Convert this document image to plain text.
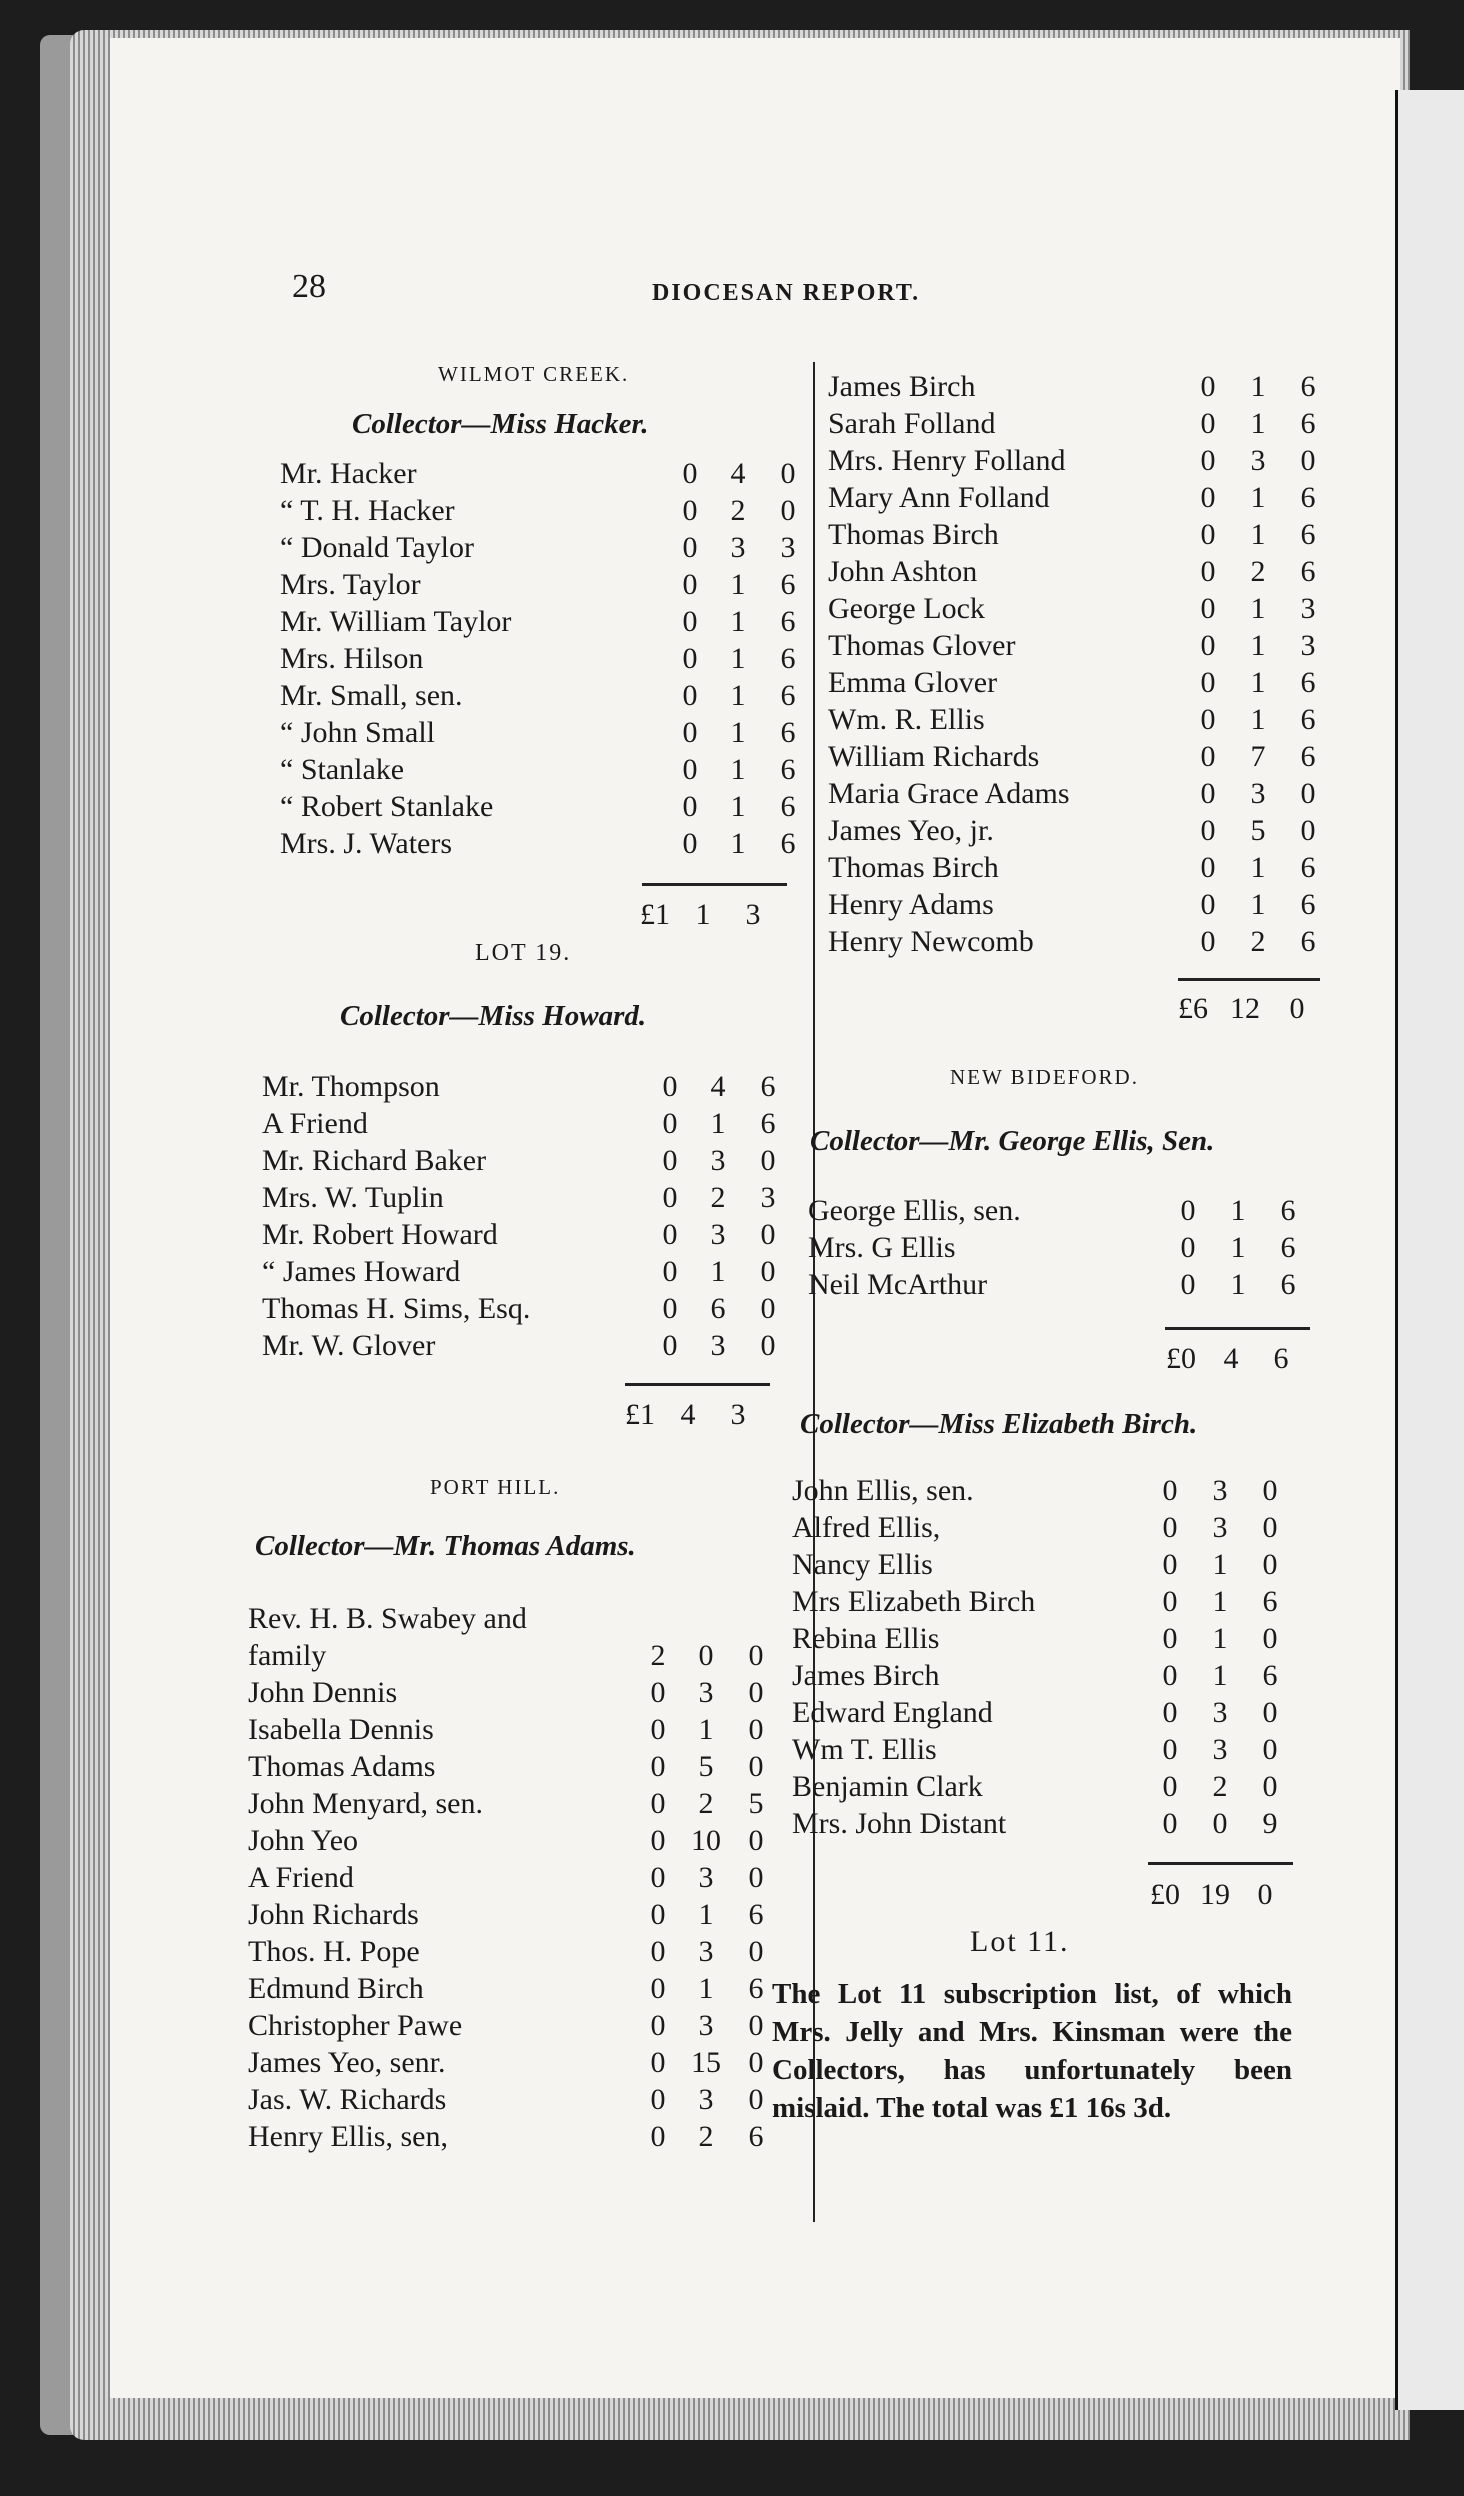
28	DIOCESAN REPORT.
WILMOT CREEK.
Collector—Miss Hacker.
Mr. Hacker	0	4	0
“ T. H. Hacker	0	2	0
“ Donald Taylor	0	3	3
Mrs. Taylor	0	1	6
Mr. William Taylor	0	1	6
Mrs. Hilson	0	1	6
Mr. Small, sen.	0	1	6
“ John Small	0	1	6
“ Stanlake	0	1	6
“ Robert Stanlake	0	1	6
Mrs. J. Waters	0	1	6
£1 1	3
LOT 19.
Collector—Miss Howard.
Mr. Thompson	0	4	6
A Friend	0	1	6
Mr. Richard Baker	0	3	0
Mrs. W. Tuplin	0	2	3
Mr. Robert Howard	0	3	0
“ James Howard	0	1	0
Thomas H. Sims, Esq.	0	6	0
Mr. W. Glover	0	3	0
£1 4	3
PORT HILL.
Collector—Mr. Thomas Adams.
Rev. H. B. Swabey and
family	2	0	0
John Dennis	0	3	0
Isabella Dennis	0	1	0
Thomas Adams	0	5	0
John Menyard, sen.	0	2	5
John Yeo	0 10 0
A Friend	0	3	0
John Richards	0	1	6
Thos. H. Pope	0	3	0
Edmund Birch	0	1	6
Christopher Pawe	0	3	0
James Yeo, senr.	0 15 0
Jas. W. Richards	0	3	0
Henry Ellis, sen,	0	2	6
James Birch	0	1	6
Sarah Folland	0	1	6
Mrs. Henry Folland	0	3	0
Mary Ann Folland	0	1	6
Thomas Birch	0	1	6
John Ashton	0	2	6
George Lock	0	1	3
Thomas Glover	0	1	3
Emma Glover	0	1	6
Wm. R. Ellis	0	1	6
William Richards	0	7	6
Maria Grace Adams	0	3	0
James Yeo, jr.	0	5	0
Thomas Birch	0	1	6
Henry Adams	0	1	6
Henry Newcomb	0	2	6
£6 12 0
NEW BIDEFORD.
Collector—Mr. George Ellis, Sen.
George Ellis, sen.	0	1	6
Mrs. G Ellis	0	1	6
Neil McArthur	0	1	6
£0 4	6
Collector—Miss Elizabeth Birch.
John Ellis, sen.	0	3	0
Alfred Ellis,	0	3	0
Nancy Ellis	0	1	0
Mrs Elizabeth Birch	0	1	6
Rebina Ellis	0	1	0
James Birch	0	1	6
Edward England	0	3	0
Wm T. Ellis	0	3	0
Benjamin Clark	0	2	0
Mrs. John Distant	0	0	9
£0 19 0
Lot 11.
The Lot 11 subscription list, of which Mrs. Jelly and Mrs. Kinsman were the Collectors, has unfortunately been mislaid. The total was £1 16s 3d.
